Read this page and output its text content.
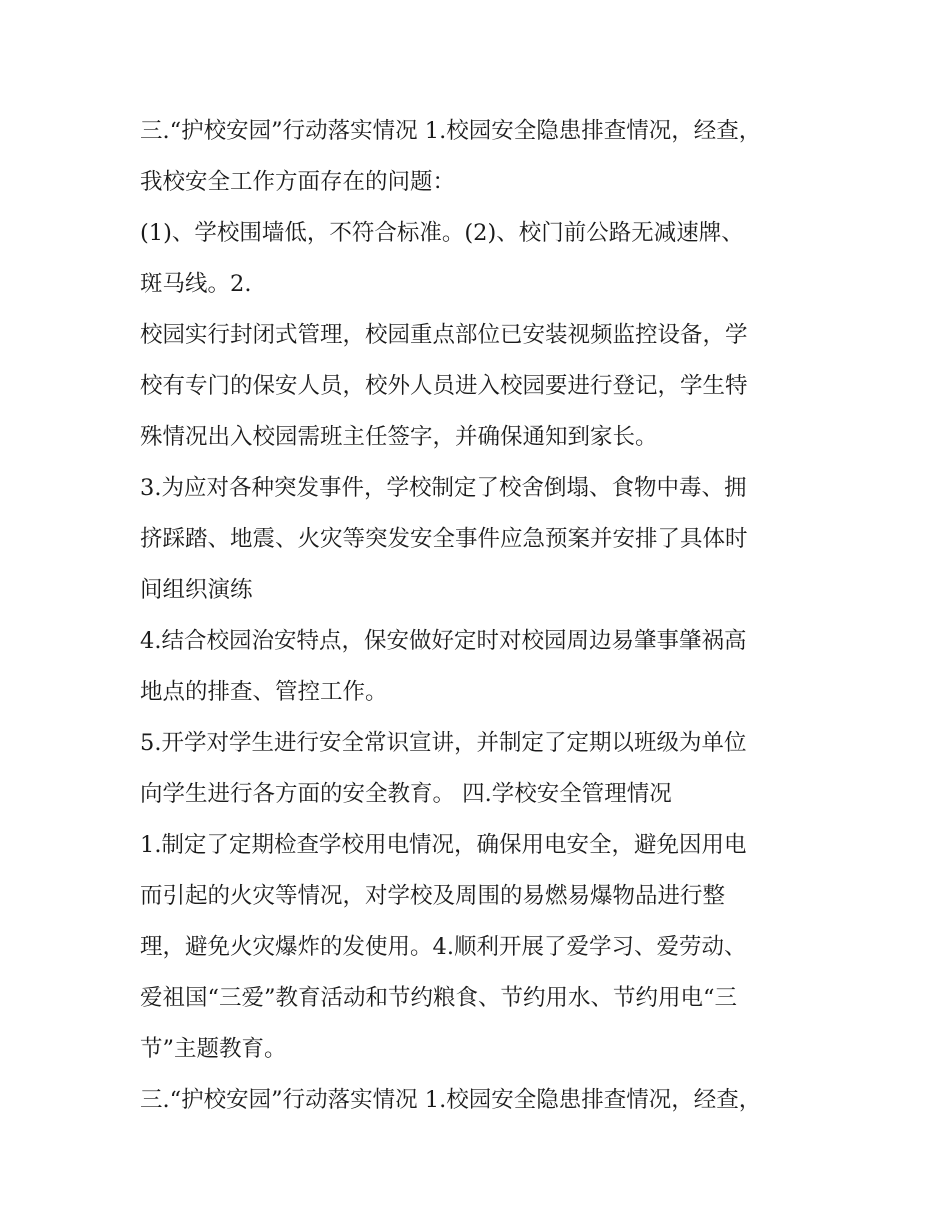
三.“护校安园”行动落实情况 1.校园安全隐患排查情况，经查，
我校安全工作方面存在的问题：
(1)、学校围墙低，不符合标准。(2)、校门前公路无减速牌、
斑马线。2.
校园实行封闭式管理，校园重点部位已安装视频监控设备，学
校有专门的保安人员，校外人员进入校园要进行登记，学生特
殊情况出入校园需班主任签字，并确保通知到家长。
3.为应对各种突发事件，学校制定了校舍倒塌、食物中毒、拥
挤踩踏、地震、火灾等突发安全事件应急预案并安排了具体时
间组织演练
4.结合校园治安特点，保安做好定时对校园周边易肇事肇祸高
地点的排查、管控工作。
5.开学对学生进行安全常识宣讲，并制定了定期以班级为单位
向学生进行各方面的安全教育。 四.学校安全管理情况
1.制定了定期检查学校用电情况，确保用电安全，避免因用电
而引起的火灾等情况，对学校及周围的易燃易爆物品进行整
理，避免火灾爆炸的发使用。4.顺利开展了爱学习、爱劳动、
爱祖国“三爱”教育活动和节约粮食、节约用水、节约用电“三
节”主题教育。
三.“护校安园”行动落实情况 1.校园安全隐患排查情况，经查，
